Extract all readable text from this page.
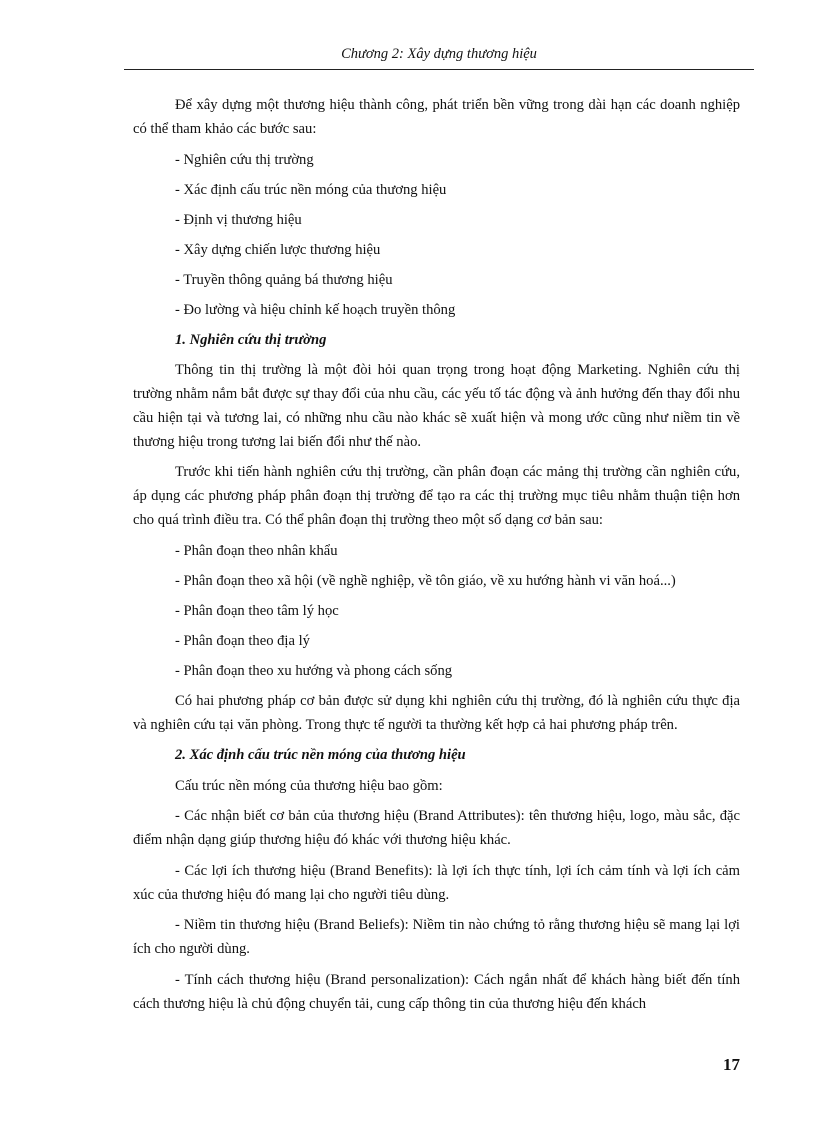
Chương 2: Xây dựng thương hiệu

Để xây dựng một thương hiệu thành công, phát triển bền vững trong dài hạn các doanh nghiệp có thể tham khảo các bước sau:

- Nghiên cứu thị trường

- Xác định cấu trúc nền móng của thương hiệu

- Định vị thương hiệu

- Xây dựng chiến lược thương hiệu

- Truyền thông quảng bá thương hiệu

- Đo lường và hiệu chỉnh kế hoạch truyền thông

1. Nghiên cứu thị trường

Thông tin thị trường là một đòi hỏi quan trọng trong hoạt động Marketing. Nghiên cứu thị trường nhằm nắm bắt được sự thay đổi của nhu cầu, các yếu tố tác động và ảnh hưởng đến thay đổi nhu cầu hiện tại và tương lai, có những nhu cầu nào khác sẽ xuất hiện và mong ước cũng như niềm tin về thương hiệu trong tương lai biến đổi như thế nào.

Trước khi tiến hành nghiên cứu thị trường, cần phân đoạn các mảng thị trường cần nghiên cứu, áp dụng các phương pháp phân đoạn thị trường để tạo ra các thị trường mục tiêu nhằm thuận tiện hơn cho quá trình điều tra. Có thể phân đoạn thị trường theo một số dạng cơ bản sau:

- Phân đoạn theo nhân khẩu

- Phân đoạn theo xã hội (về nghề nghiệp, về tôn giáo, về xu hướng hành vi văn hoá...)

- Phân đoạn theo tâm lý học

- Phân đoạn theo địa lý

- Phân đoạn theo xu hướng và phong cách sống

Có hai phương pháp cơ bản được sử dụng khi nghiên cứu thị trường, đó là nghiên cứu thực địa và nghiên cứu tại văn phòng. Trong thực tế người ta thường kết hợp cả hai phương pháp trên.

2. Xác định cấu trúc nền móng của thương hiệu

Cấu trúc nền móng của thương hiệu bao gồm:

- Các nhận biết cơ bản của thương hiệu (Brand Attributes): tên thương hiệu, logo, màu sắc, đặc điểm nhận dạng giúp thương hiệu đó khác với thương hiệu khác.

- Các lợi ích thương hiệu (Brand Benefits): là lợi ích thực tính, lợi ích cảm tính và lợi ích cảm xúc của thương hiệu đó mang lại cho người tiêu dùng.

- Niềm tin thương hiệu (Brand Beliefs): Niềm tin nào chứng tỏ rằng thương hiệu sẽ mang lại lợi ích cho người dùng.

- Tính cách thương hiệu (Brand personalization): Cách ngắn nhất để khách hàng biết đến tính cách thương hiệu là chủ động chuyển tải, cung cấp thông tin của thương hiệu đến khách

17
